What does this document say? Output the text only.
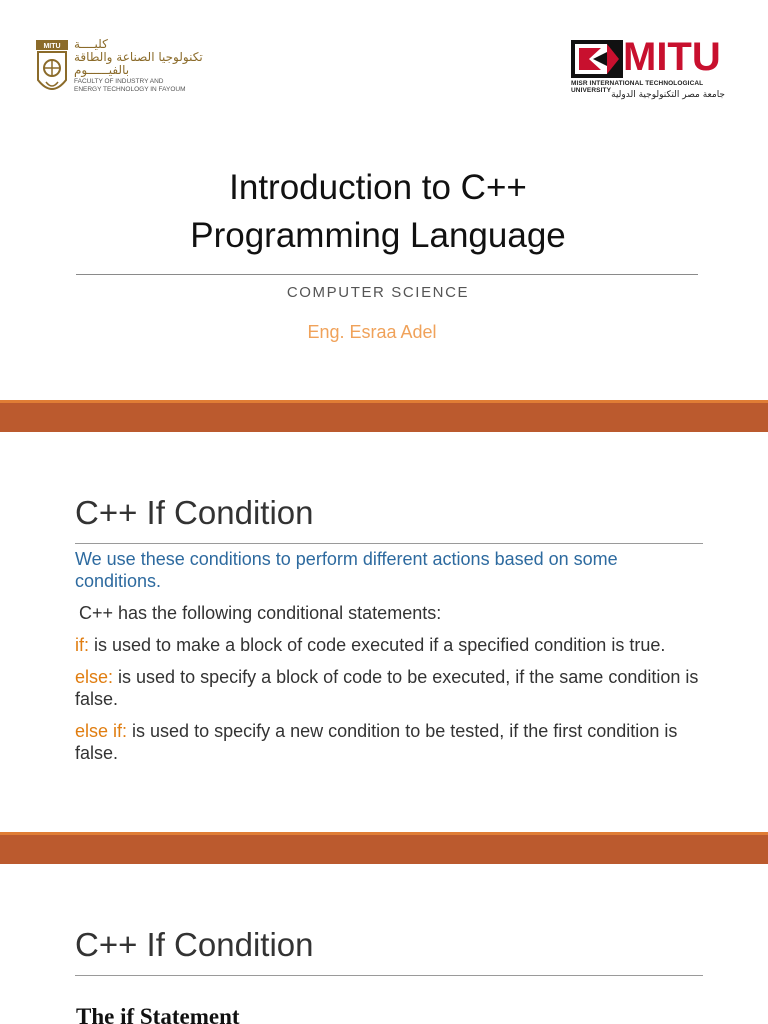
MITU كليــــة
تكنولوجيا الصناعة والطاقة
بالفيــــــوم
FACULTY OF INDUSTRY AND
ENERGY TECHNOLOGY IN FAYOUM
MITU
MISR INTERNATIONAL TECHNOLOGICAL UNIVERSITY جامعة مصر التكنولوجية الدولية
Introduction to C++
Programming Language
COMPUTER SCIENCE
Eng. Esraa Adel
C++ If Condition

We use these conditions to perform different actions based on some conditions.

C++ has the following conditional statements:

if: is used to make a block of code executed if a specified condition is true.

else: is used to specify a block of code to be executed, if the same condition is false.

else if: is used to specify a new condition to be tested, if the first condition is false.

C++ If Condition
The if Statement
